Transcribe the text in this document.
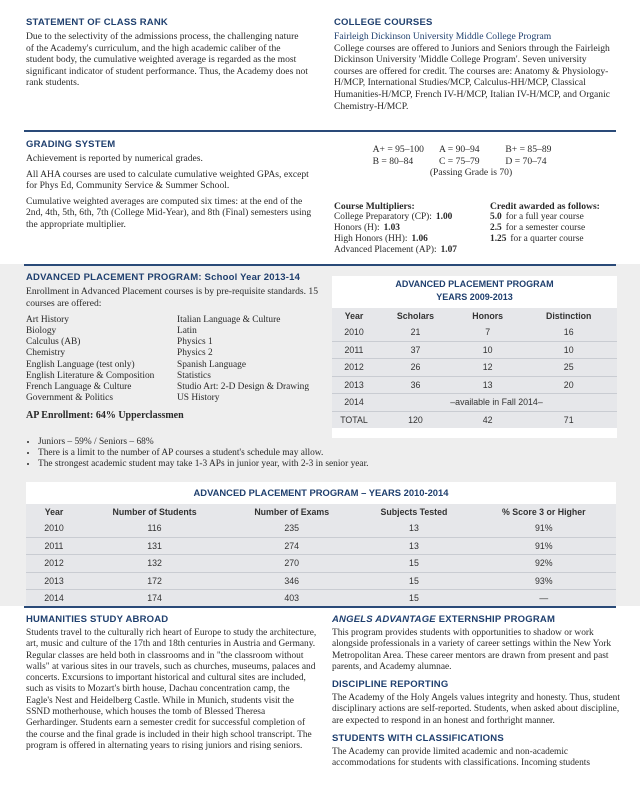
STATEMENT OF CLASS RANK

Due to the selectivity of the admissions process, the challenging nature of the Academy's curriculum, and the high academic caliber of the student body, the cumulative weighted average is regarded as the most significant indicator of student performance. Thus, the Academy does not rank students.

COLLEGE COURSES
Fairleigh Dickinson University Middle College Program

College courses are offered to Juniors and Seniors through the Fairleigh Dickinson University 'Middle College Program'. Seven university courses are offered for credit. The courses are: Anatomy & Physiology-H/MCP, International Studies/MCP, Calculus-HH/MCP, Classical Humanities-H/MCP, French IV-H/MCP, Italian IV-H/MCP, and Organic Chemistry-H/MCP.

GRADING SYSTEM

Achievement is reported by numerical grades.

All AHA courses are used to calculate cumulative weighted GPAs, except for Phys Ed, Community Service & Summer School.

Cumulative weighted averages are computed six times: at the end of the 2nd, 4th, 5th, 6th, 7th (College Mid-Year), and 8th (Final) semesters using the appropriate multiplier.

A+ = 95–100 A = 90–94	B+ = 85–89
B = 80–84	C = 75–79	D = 70–74
(Passing Grade is 70)
Course Multipliers:
College Preparatory (CP): 1.00
Honors (H): 1.03
High Honors (HH): 1.06
Advanced Placement (AP): 1.07
Credit awarded as follows:
5.0 for a full year course
2.5 for a semester course
1.25 for a quarter course
ADVANCED PLACEMENT PROGRAM: School Year 2013-14

Enrollment in Advanced Placement courses is by pre-requisite standards. 15 courses are offered:

Art History
Biology
Calculus (AB)
Chemistry
English Language (test only)
English Literature & Composition
French Language & Culture
Government & Politics
Italian Language & Culture
Latin
Physics 1
Physics 2
Spanish Language
Statistics
Studio Art: 2-D Design & Drawing
US History
AP Enrollment: 64% Upperclassmen
• Juniors – 59% / Seniors – 68%
• There is a limit to the number of AP courses a student's schedule may allow.
• The strongest academic student may take 1-3 APs in junior year, with 2-3 in senior year.
ADVANCED PLACEMENT PROGRAM
YEARS 2009-2013
Year	Scholars	Honors	Distinction
2010	21	7	16
2011	37	10	10
2012	26	12	25
2013	36	13	20
2014	–available in Fall 2014–		
TOTAL	120	42	71
ADVANCED PLACEMENT PROGRAM – YEARS 2010-2014
Year	Number of Students	Number of Exams	Subjects Tested	% Score 3 or Higher
2010	116	235	13	91%
2011	131	274	13	91%
2012	132	270	15	92%
2013	172	346	15	93%
2014	174	403	15	—
HUMANITIES STUDY ABROAD

Students travel to the culturally rich heart of Europe to study the architecture, art, music and culture of the 17th and 18th centuries in Austria and Germany. Regular classes are held both in classrooms and in "the classroom without walls" at various sites in our travels, such as churches, museums, palaces and concerts. Excursions to important historical and cultural sites are included, such as visits to Mozart's birth house, Dachau concentration camp, the Eagle's Nest and Heidelberg Castle. While in Munich, students visit the SSND motherhouse, which houses the tomb of Blessed Theresa Gerhardinger. Students earn a semester credit for successful completion of the course and the final grade is included in their high school transcript. The program is offered in alternating years to rising juniors and rising seniors.

ANGELS ADVANTAGE EXTERNSHIP PROGRAM

This program provides students with opportunities to shadow or work alongside professionals in a variety of career settings within the New York Metropolitan Area. These career mentors are drawn from present and past parents, and Academy alumnae.

DISCIPLINE REPORTING

The Academy of the Holy Angels values integrity and honesty. Thus, student disciplinary actions are self-reported. Students, when asked about discipline, are expected to respond in an honest and forthright manner.

STUDENTS WITH CLASSIFICATIONS

The Academy can provide limited academic and non-academic accommodations for students with classifications. Incoming students
